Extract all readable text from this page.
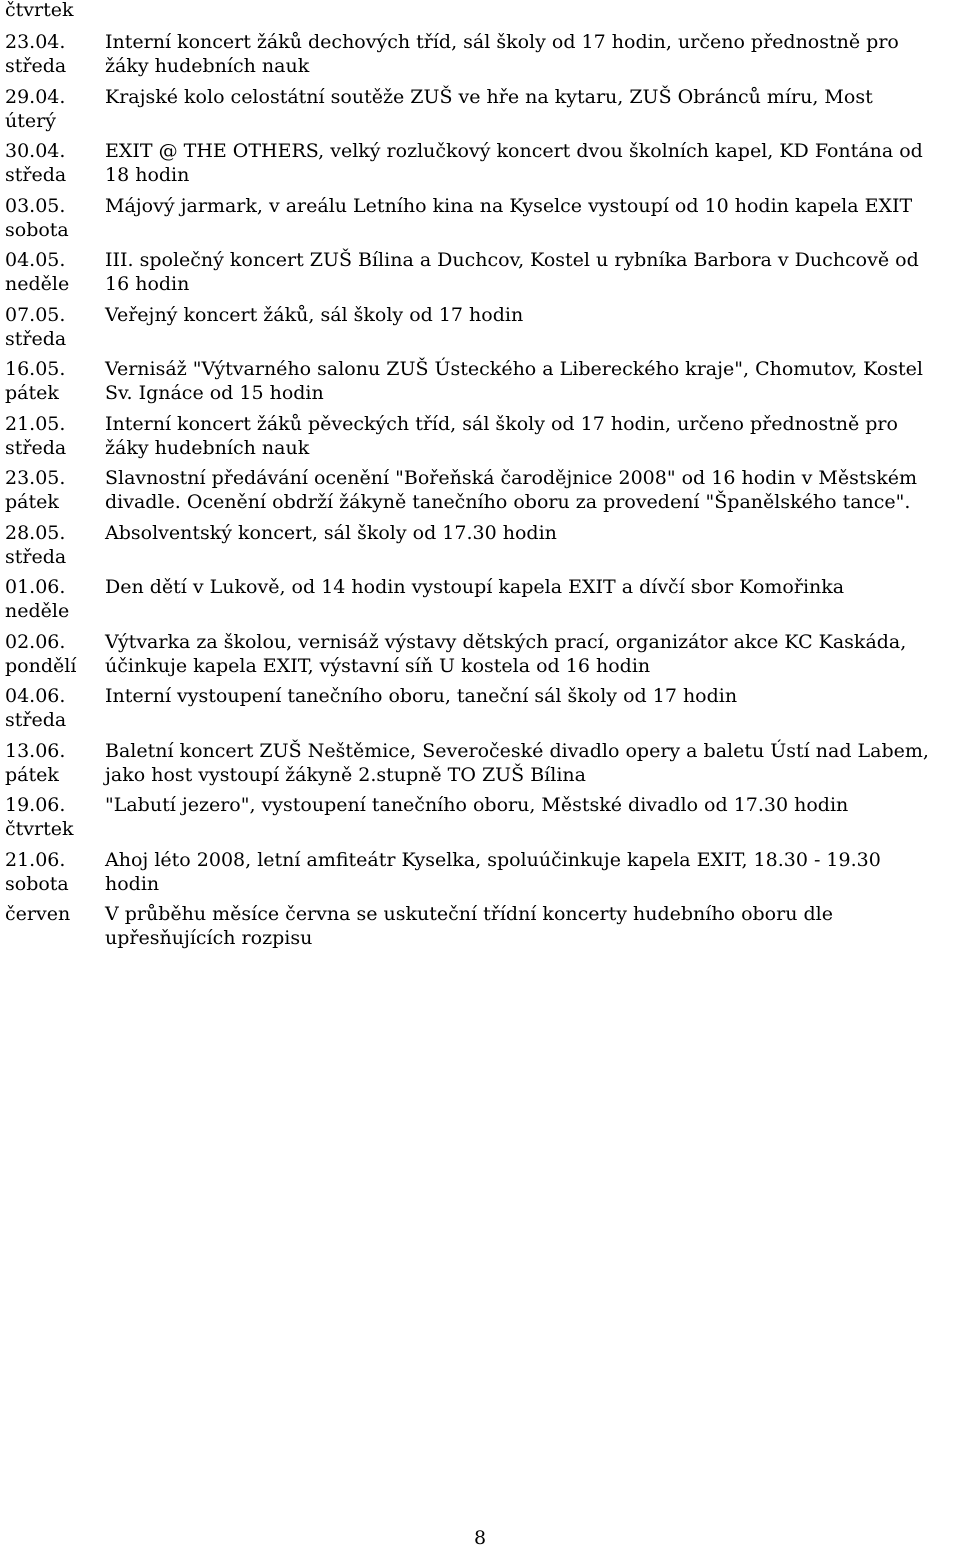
čtvrtek
23.04.
středa
Interní koncert žáků dechových tříd, sál školy od 17 hodin, určeno přednostně pro žáky hudebních nauk
29.04.
úterý
Krajské kolo celostátní soutěže ZUŠ ve hře na kytaru, ZUŠ Obránců míru, Most
30.04.
středa
EXIT @ THE OTHERS, velký rozlučkový koncert dvou školních kapel, KD Fontána od 18 hodin
03.05.
sobota
Májový jarmark, v areálu Letního kina na Kyselce vystoupí od 10 hodin kapela EXIT
04.05.
neděle
III. společný koncert ZUŠ Bílina a Duchcov, Kostel u rybníka Barbora v Duchcově od 16 hodin
07.05.
středa
Veřejný koncert žáků, sál školy od 17 hodin
16.05.
pátek
Vernisáž "Výtvarného salonu ZUŠ Ústeckého a Libereckého kraje", Chomutov, Kostel Sv. Ignáce od 15 hodin
21.05.
středa
Interní koncert žáků pěveckých tříd, sál školy od 17 hodin, určeno přednostně pro žáky hudebních nauk
23.05.
pátek
Slavnostní předávání ocenění "Bořeňská čarodějnice 2008" od 16 hodin v Městském divadle. Ocenění obdrží žákyně tanečního oboru za provedení "Španělského tance".
28.05.
středa
Absolventský koncert, sál školy od 17.30 hodin
01.06.
neděle
Den dětí v Lukově, od 14 hodin vystoupí kapela EXIT a dívčí sbor Komořinka
02.06.
pondělí
Výtvarka za školou, vernisáž výstavy dětských prací, organizátor akce KC Kaskáda, účinkuje kapela EXIT, výstavní síň U kostela od 16 hodin
04.06.
středa
Interní vystoupení tanečního oboru, taneční sál školy od 17 hodin
13.06.
pátek
Baletní koncert ZUŠ Neštěmice, Severočeské divadlo opery a baletu Ústí nad Labem, jako host vystoupí žákyně 2.stupně TO ZUŠ Bílina
19.06.
čtvrtek
"Labutí jezero", vystoupení tanečního oboru, Městské divadlo od 17.30 hodin
21.06.
sobota
Ahoj léto 2008, letní amfiteátr Kyselka, spoluúčinkuje kapela EXIT, 18.30 - 19.30 hodin
červen	V průběhu měsíce června se uskuteční třídní koncerty hudebního oboru dle upřesňujících rozpisu
8
